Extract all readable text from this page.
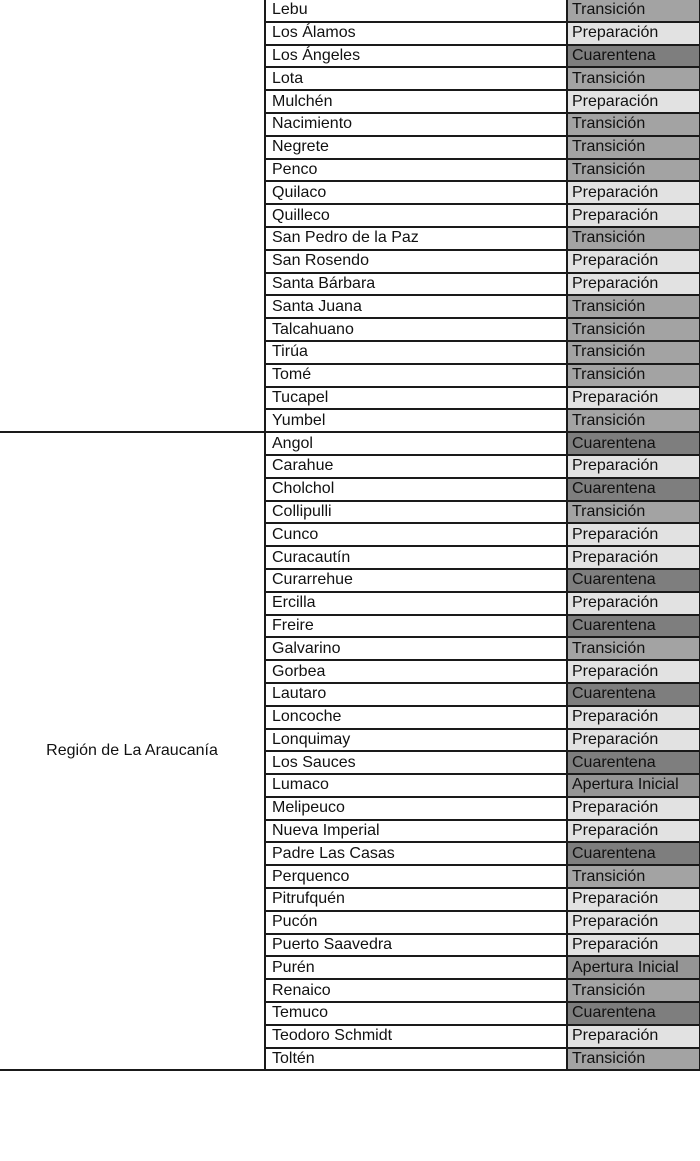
	Lebu	Transición
	Los Álamos	Preparación
	Los Ángeles	Cuarentena
	Lota	Transición
	Mulchén	Preparación
	Nacimiento	Transición
	Negrete	Transición
	Penco	Transición
	Quilaco	Preparación
	Quilleco	Preparación
	San Pedro de la Paz	Transición
	San Rosendo	Preparación
	Santa Bárbara	Preparación
	Santa Juana	Transición
	Talcahuano	Transición
	Tirúa	Transición
	Tomé	Transición
	Tucapel	Preparación
	Yumbel	Transición
Región de La Araucanía	Angol	Cuarentena
	Carahue	Preparación
	Cholchol	Cuarentena
	Collipulli	Transición
	Cunco	Preparación
	Curacautín	Preparación
	Curarrehue	Cuarentena
	Ercilla	Preparación
	Freire	Cuarentena
	Galvarino	Transición
	Gorbea	Preparación
	Lautaro	Cuarentena
	Loncoche	Preparación
	Lonquimay	Preparación
	Los Sauces	Cuarentena
	Lumaco	Apertura Inicial
	Melipeuco	Preparación
	Nueva Imperial	Preparación
	Padre Las Casas	Cuarentena
	Perquenco	Transición
	Pitrufquén	Preparación
	Pucón	Preparación
	Puerto Saavedra	Preparación
	Purén	Apertura Inicial
	Renaico	Transición
	Temuco	Cuarentena
	Teodoro Schmidt	Preparación
	Toltén	Transición
